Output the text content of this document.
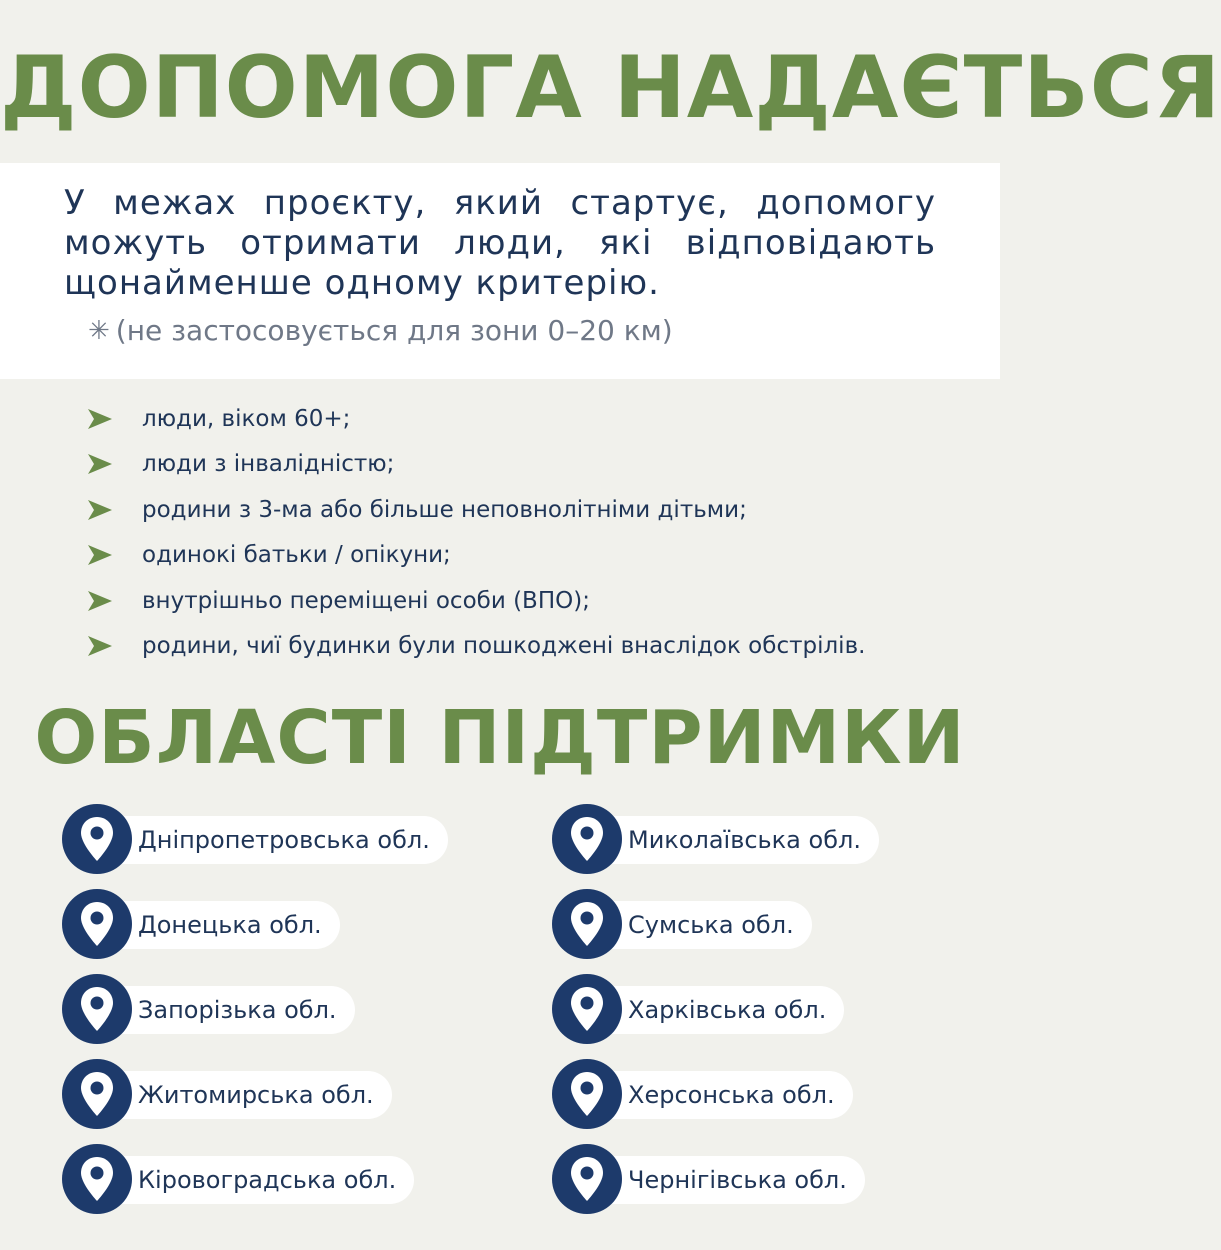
ДОПОМОГА НАДАЄТЬСЯ
У межах проєкту, який стартує, допомогу можуть отримати люди, які відповідають щонайменше одному критерію.
✳ (не застосовується для зони 0–20 км)
люди, віком 60+;
люди з інвалідністю;
родини з 3-ма або більше неповнолітніми дітьми;
одинокі батьки / опікуни;
внутрішньо переміщені особи (ВПО);
родини, чиї будинки були пошкоджені внаслідок обстрілів.
ОБЛАСТІ ПІДТРИМКИ
Дніпропетровська обл.
Донецька обл.
Запорізька обл.
Житомирська обл.
Кіровоградська обл.
Миколаївська обл.
Сумська обл.
Харківська обл.
Херсонська обл.
Чернігівська обл.
